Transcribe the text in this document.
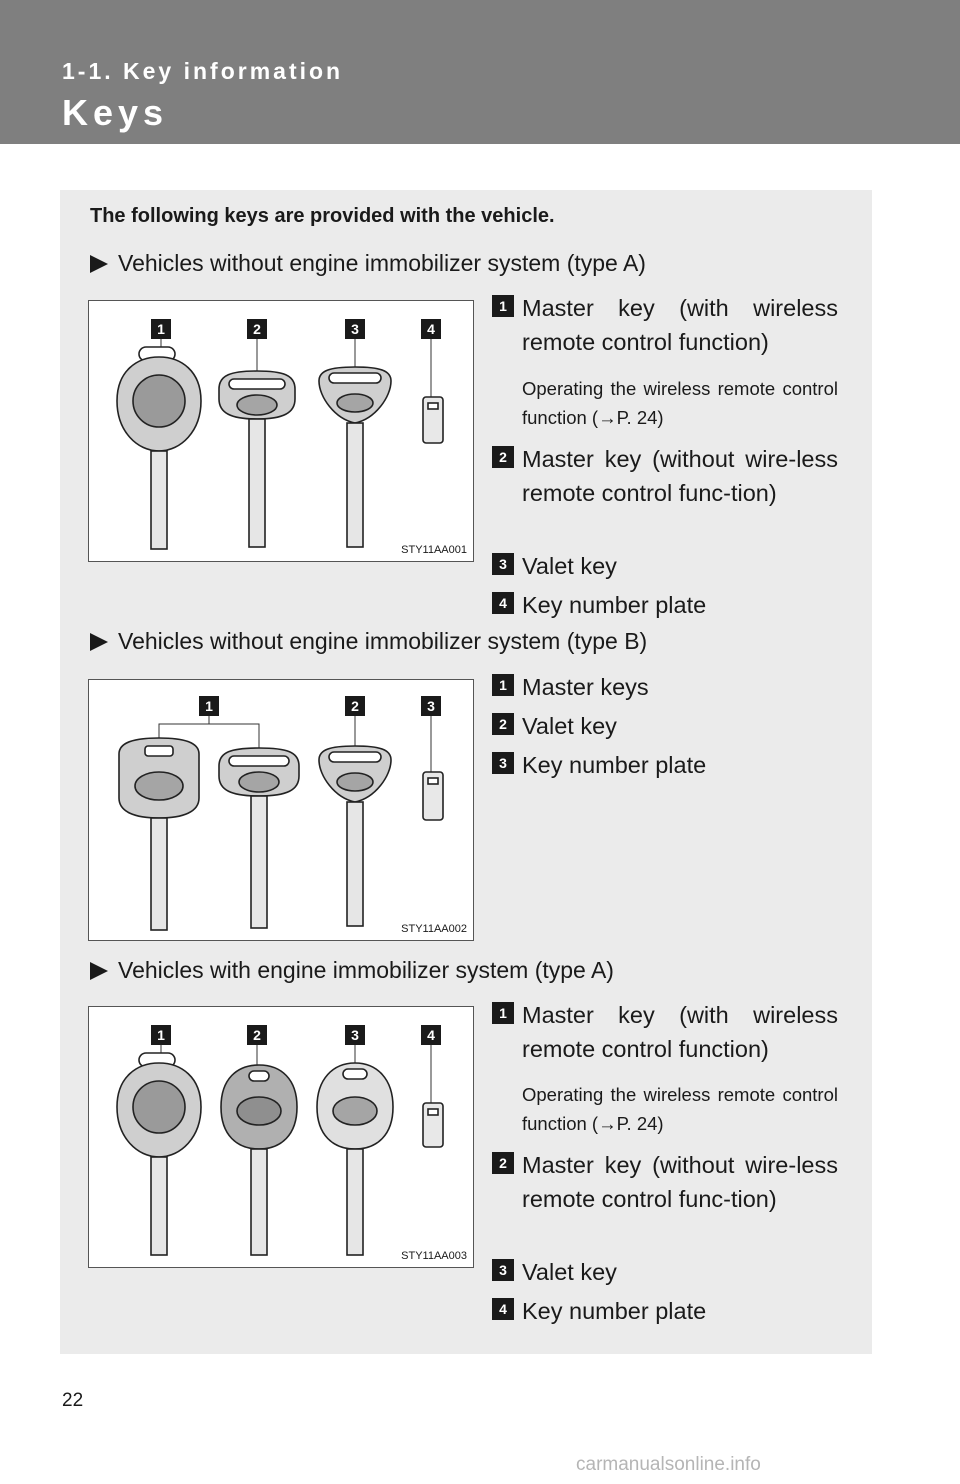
1-1. Key information
Keys
The following keys are provided with the vehicle.
Vehicles without engine immobilizer system (type A)
1	2	3	4
STY11AA001
1 Master key (with wireless remote control function)
Operating the wireless remote control function (→P. 24)
2 Master key (without wire-less remote control func-tion)
3 Valet key
4 Key number plate
Vehicles without engine immobilizer system (type B)
1	2	3
STY11AA002
1 Master keys
2 Valet key
3 Key number plate
Vehicles with engine immobilizer system (type A)
1	2	3	4
STY11AA003
1 Master key (with wireless remote control function)
Operating the wireless remote control function (→P. 24)
2 Master key (without wire-less remote control func-tion)
3 Valet key
4 Key number plate
22
carmanualsonline.info
